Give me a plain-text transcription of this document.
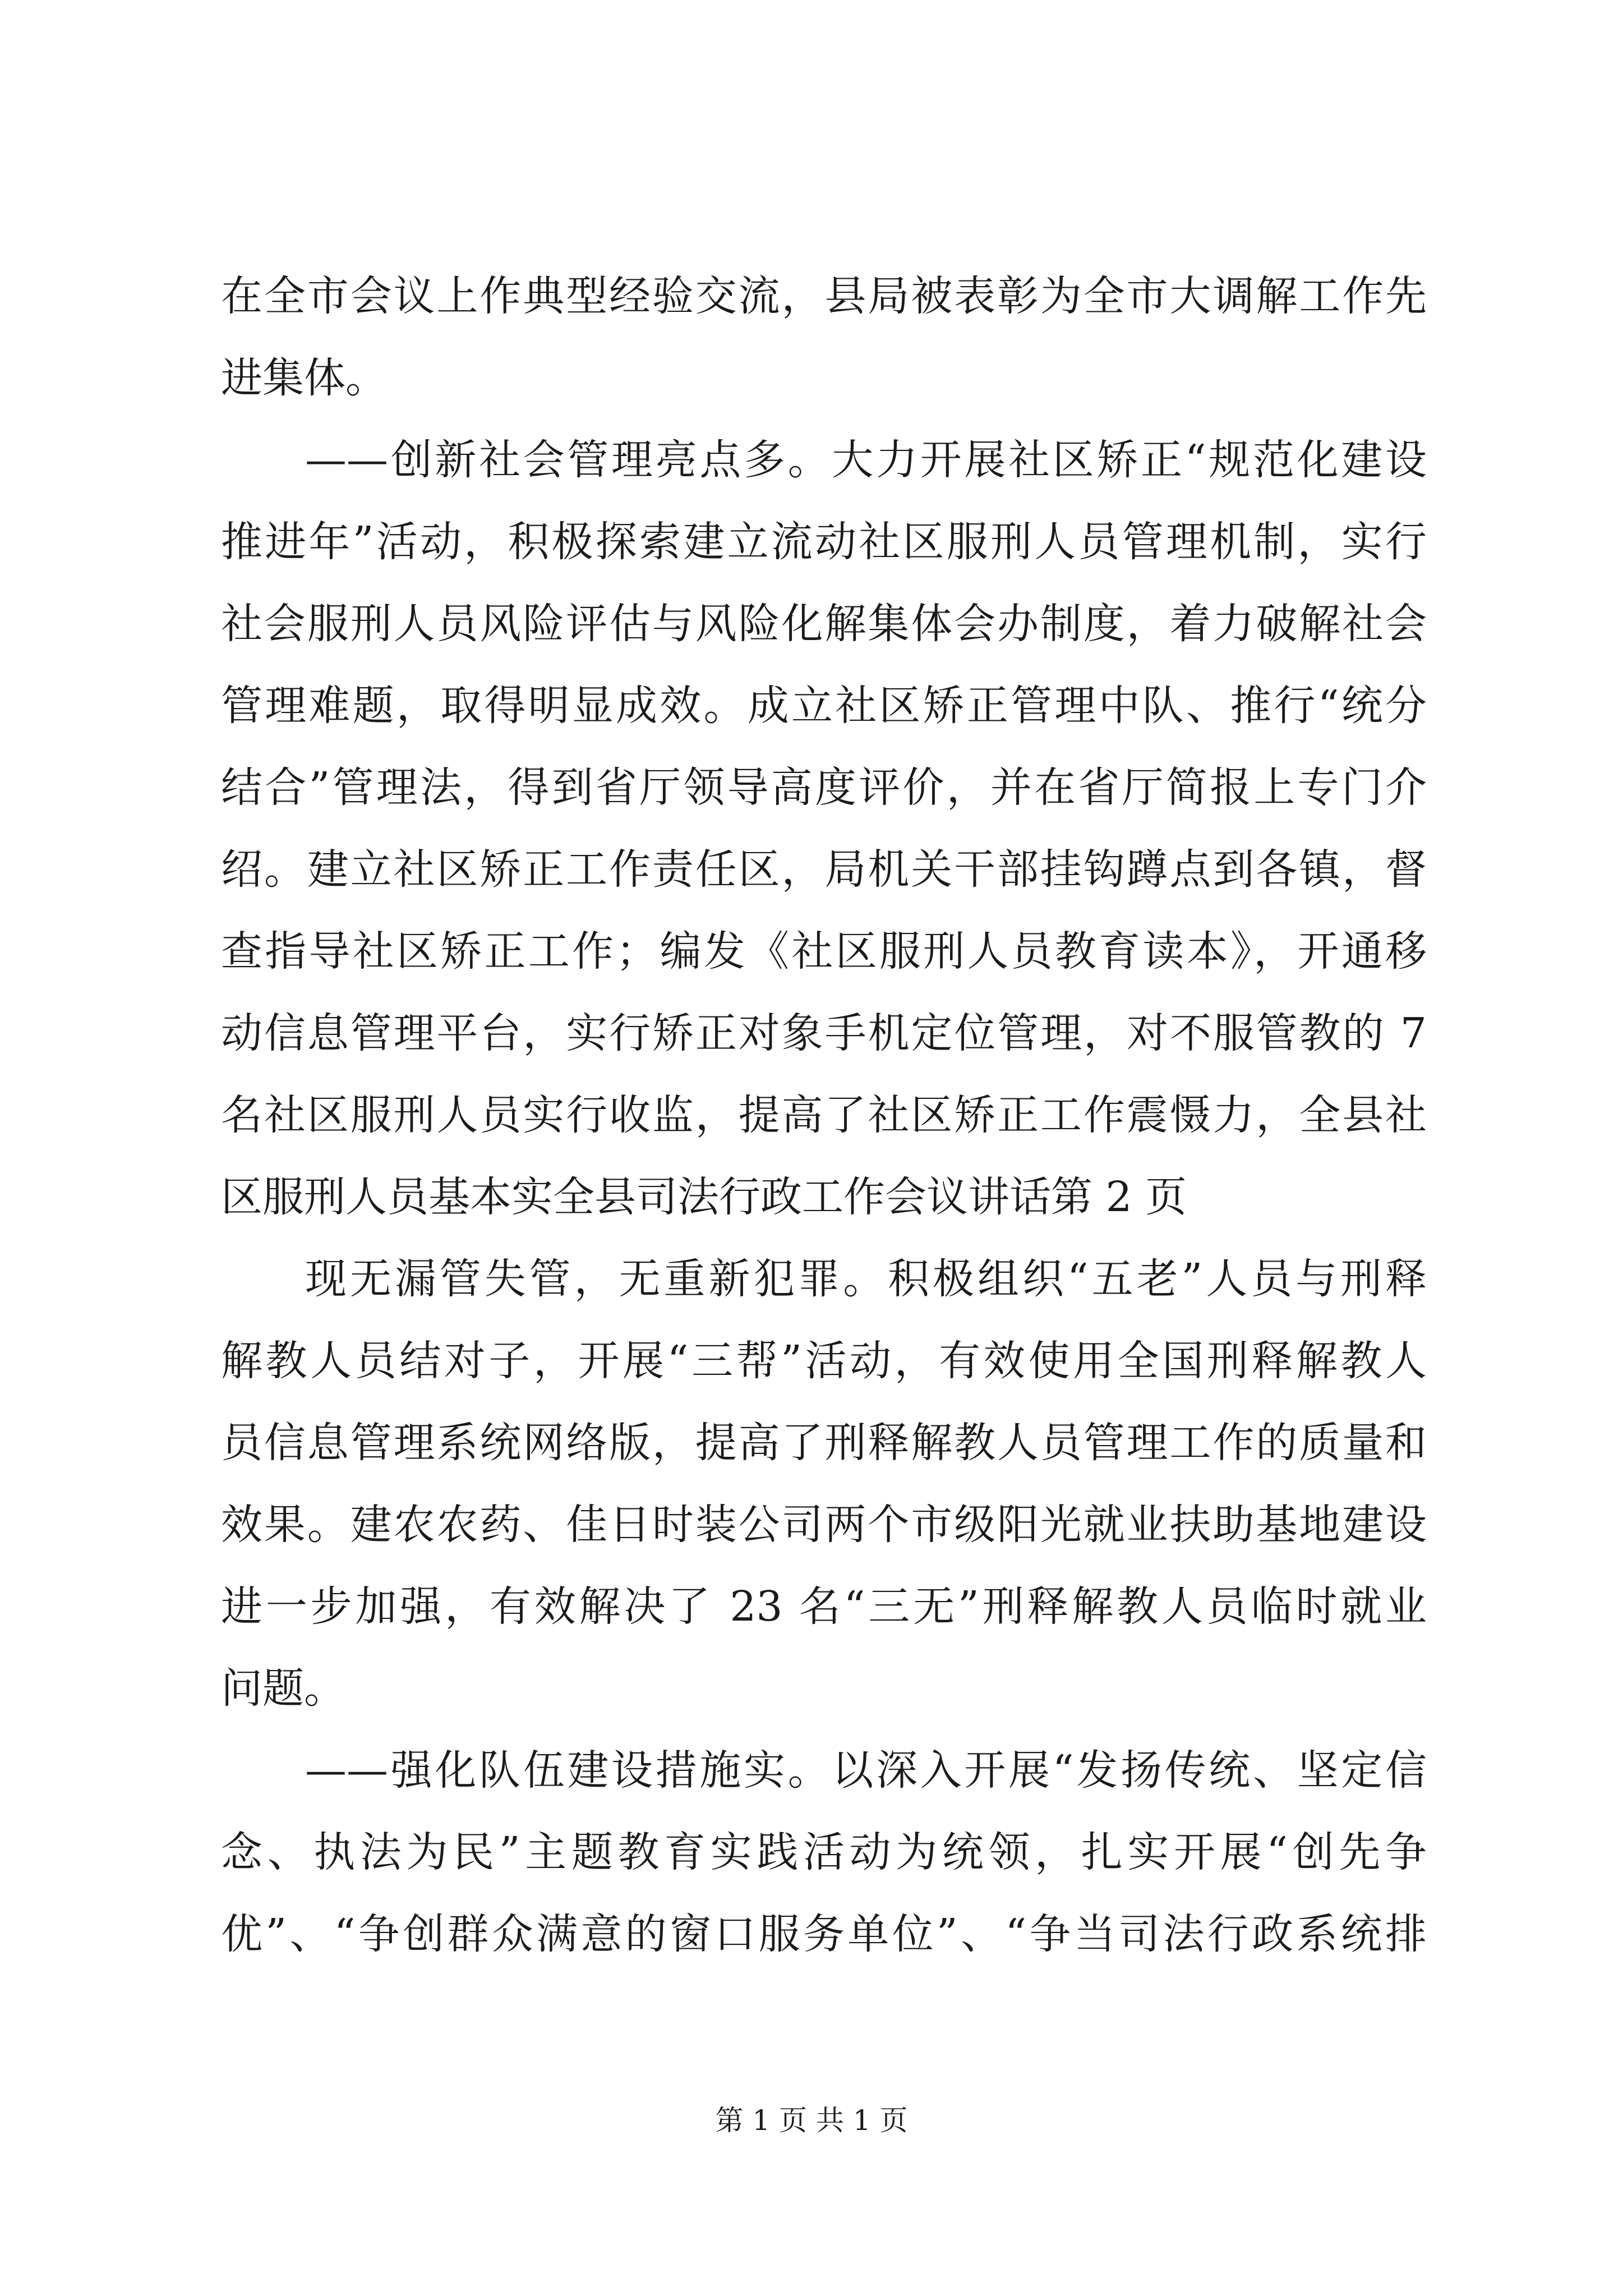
在全市会议上作典型经验交流，县局被表彰为全市大调解工作先
进集体。
——创新社会管理亮点多。大力开展社区矫正“规范化建设
推进年”活动，积极探索建立流动社区服刑人员管理机制，实行
社会服刑人员风险评估与风险化解集体会办制度，着力破解社会
管理难题，取得明显成效。成立社区矫正管理中队、推行“统分
结合”管理法，得到省厅领导高度评价，并在省厅简报上专门介
绍。建立社区矫正工作责任区，局机关干部挂钩蹲点到各镇，督
查指导社区矫正工作；编发《社区服刑人员教育读本》，开通移
动信息管理平台，实行矫正对象手机定位管理，对不服管教的 7
名社区服刑人员实行收监，提高了社区矫正工作震慑力，全县社
区服刑人员基本实全县司法行政工作会议讲话第 2 页
现无漏管失管，无重新犯罪。积极组织“五老”人员与刑释
解教人员结对子，开展“三帮”活动，有效使用全国刑释解教人
员信息管理系统网络版，提高了刑释解教人员管理工作的质量和
效果。建农农药、佳日时装公司两个市级阳光就业扶助基地建设
进一步加强，有效解决了 23 名“三无”刑释解教人员临时就业
问题。
——强化队伍建设措施实。以深入开展“发扬传统、坚定信
念、执法为民”主题教育实践活动为统领，扎实开展“创先争
优”、“争创群众满意的窗口服务单位”、“争当司法行政系统排
第 1 页 共 1 页
